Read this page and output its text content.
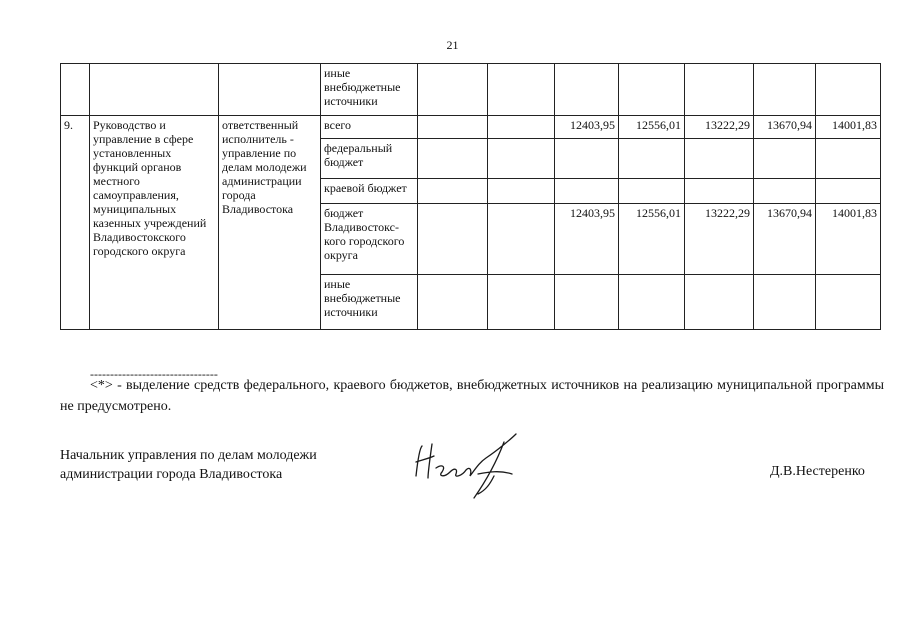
21
			иные внебюджетные источники							
9.	Руководство и управление в сфере установленных функций органов местного самоуправления, муниципальных казенных учреждений Владивостокского городского округа	ответственный исполнитель - управление по делам молодежи администрации города Владивостока	всего			12403,95	12556,01	13222,29	13670,94	14001,83
			федеральный бюджет							
			краевой бюджет							
			бюджет Владивостокс-кого городского округа			12403,95	12556,01	13222,29	13670,94	14001,83
			иные внебюджетные источники							
--------------------------------
<*> - выделение средств федерального, краевого бюджетов, внебюджетных источников на реализацию муниципальной программы не предусмотрено.
Начальник управления по делам молодежи
администрации города Владивостока	Д.В.Нестеренко
